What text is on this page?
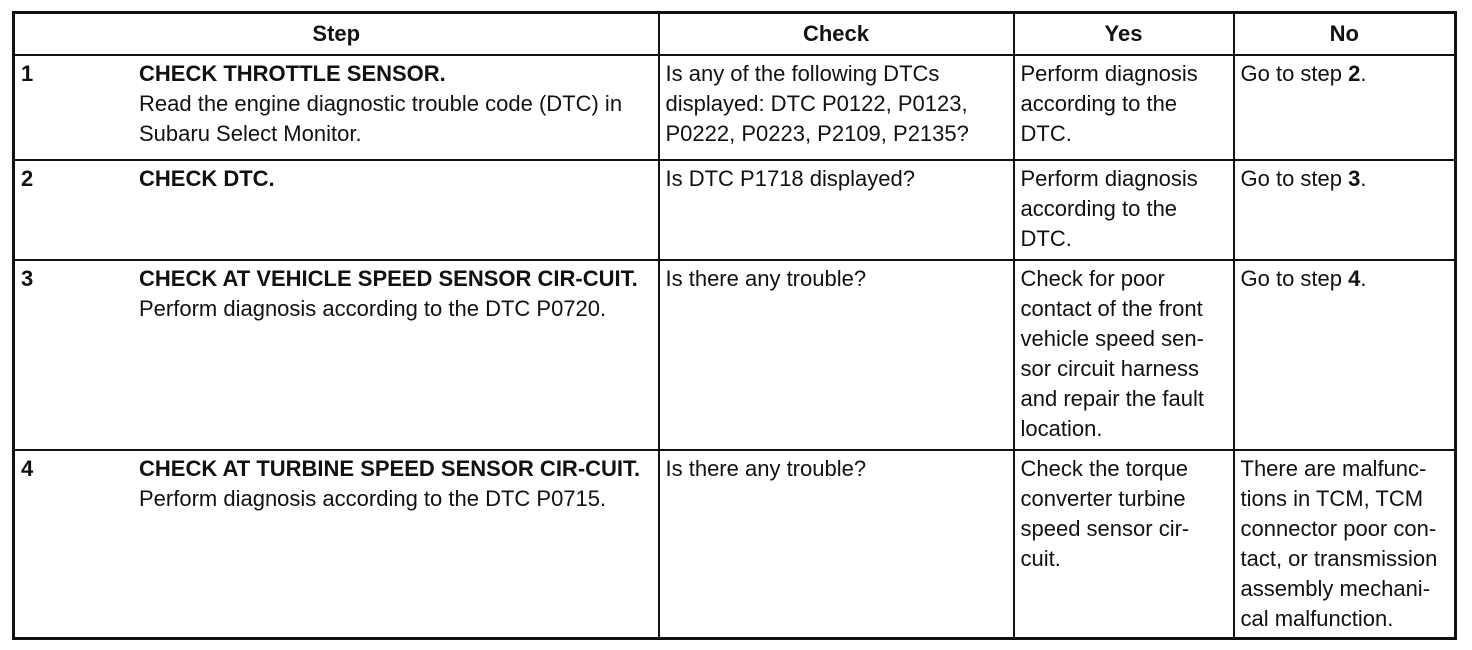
Step	Check	Yes	No

1 CHECK THROTTLE SENSOR.
Read the engine diagnostic trouble code (DTC) in Subaru Select Monitor.	Is any of the following DTCs displayed: DTC P0122, P0123, P0222, P0223, P2109, P2135?	Perform diagnosis according to the DTC.	Go to step 2.

2 CHECK DTC.	Is DTC P1718 displayed?	Perform diagnosis according to the DTC.	Go to step 3.

3 CHECK AT VEHICLE SPEED SENSOR CIR-CUIT.
Perform diagnosis according to the DTC P0720.	Is there any trouble?	Check for poor contact of the front vehicle speed sen-sor circuit harness and repair the fault location.	Go to step 4.

4 CHECK AT TURBINE SPEED SENSOR CIR-CUIT.
Perform diagnosis according to the DTC P0715.	Is there any trouble?	Check the torque converter turbine speed sensor cir-cuit.	There are malfunc-tions in TCM, TCM connector poor con-tact, or transmission assembly mechani-cal malfunction.
